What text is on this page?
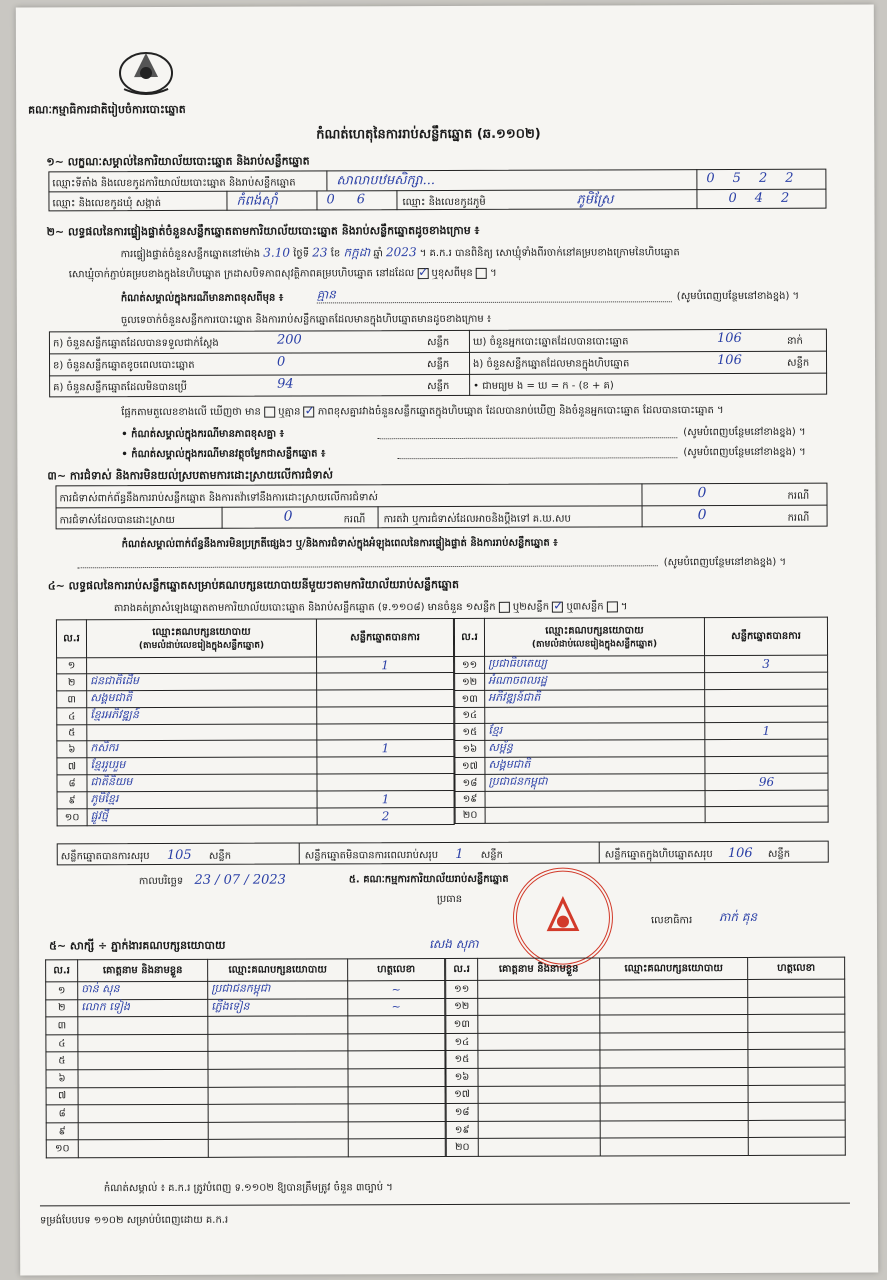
គណៈកម្មាធិការជាតិរៀបចំការបោះឆ្នោត
កំណត់ហេតុនៃការរាប់សន្លឹកឆ្នោត (ឆ.១១០២)
១~ លក្ខណៈសម្គាល់នៃការិយាល័យបោះឆ្នោត និងរាប់សន្លឹកឆ្នោត
ឈ្មោះទីតាំង និងលេខកូដការិយាល័យបោះឆ្នោត និងរាប់សន្លឹកឆ្នោត	សាលាបឋមសិក្សា...	0522
ឈ្មោះ និងលេខកូដឃុំ សង្កាត់	កំពង់ស៊ាំ	06 ឈ្មោះ និងលេខកូដភូមិ	ភូមិស្រែ	042
២~ លទ្ធផលនៃការផ្ទៀងផ្ទាត់ចំនួនសន្លឹកឆ្នោតតាមការិយាល័យបោះឆ្នោត និងរាប់សន្លឹកឆ្នោតដូចខាងក្រោម ៖
ការផ្ទៀងផ្ទាត់ចំនួនសន្លឹកឆ្នោតនៅម៉ោង 3.10 ថ្ងៃទី 23 ខែ កក្កដា ឆ្នាំ 2023 ។ គ.ក.រ បានពិនិត្យ សោឃ្មុំទាំងពីរចាក់នៅគម្របខាងក្រោមនៃហិបឆ្នោត
សោឃ្មុំចាក់ភ្ជាប់គម្របខាងក្នុងនៃហិបឆ្នោត ក្រដាសបិទភាពសុវត្ថិភាពគម្របហិបឆ្នោត នៅដដែល ✓ ឬខុសពីមុន  ។
កំណត់សម្គាល់ក្នុងករណីមានភាពខុសពីមុន ៖	គ្មាន	(សូមបំពេញបន្ថែមនៅខាងខ្នង) ។
ចួលទេចាក់ចំនួនសន្លឹកការបោះឆ្នោត និងការរាប់សន្លឹកឆ្នោតដែលមានក្នុងហិបឆ្នោតមានដូចខាងក្រោម ៖
ក) ចំនួនសន្លឹកឆ្នោតដែលបានទទួលជាក់ស្តែង	200	សន្លឹក ឃ) ចំនួនអ្នកបោះឆ្នោតដែលបានបោះឆ្នោត	106	នាក់
ខ) ចំនួនសន្លឹកឆ្នោតខូចពេលបោះឆ្នោត	0	សន្លឹក ង) ចំនួនសន្លឹកឆ្នោតដែលមានក្នុងហិបឆ្នោត	106	សន្លឹក
គ) ចំនួនសន្លឹកឆ្នោតដែលមិនបានប្រើ	94	សន្លឹក • ជាមធ្យម ង = ឃ = ក - (ខ + គ)
ផ្អែកតាមតួលេខខាងលើ ឃើញថា មាន ឬគ្មាន ✓ ភាពខុសគ្នារវាងចំនួនសន្លឹកឆ្នោតក្នុងហិបឆ្នោត ដែលបានរាប់ឃើញ និងចំនួនអ្នកបោះឆ្នោត ដែលបានបោះឆ្នោត ។
• កំណត់សម្គាល់ក្នុងករណីមានភាពខុសគ្នា ៖	(សូមបំពេញបន្ថែមនៅខាងខ្នង) ។
• កំណត់សម្គាល់ក្នុងករណីមានវត្ថុចម្លែកជាសន្លឹកឆ្នោត ៖	(សូមបំពេញបន្ថែមនៅខាងខ្នង) ។
៣~ ការជំទាស់ និងការមិនយល់ស្របតាមការដោះស្រាយលើការជំទាស់
ការជំទាស់ពាក់ព័ន្ធនឹងការរាប់សន្លឹកឆ្នោត និងការតវ៉ាទៅនឹងការដោះស្រាយលើការជំទាស់	0	ករណី
ការជំទាស់ដែលបានដោះស្រាយ	0	ករណី ការតវ៉ា ឬការជំទាស់ដែលអាចនិងប្តឹងទៅ គ.ឃ.សប	0	ករណី
កំណត់សម្គាល់ពាក់ព័ន្ធនឹងការមិនប្រក្រតីផ្សេងៗ ឬ/និងការជំទាស់ក្នុងអំឡុងពេលនៃការផ្ទៀងផ្ទាត់ និងការរាប់សន្លឹកឆ្នោត ៖
(សូមបំពេញបន្ថែមនៅខាងខ្នង) ។
៤~ លទ្ធផលនៃការរាប់សន្លឹកឆ្នោតសម្រាប់គណបក្សនយោបាយនីមួយៗតាមការិយាល័យរាប់សន្លឹកឆ្នោត
តារាងគត់ត្រាសំឡេងឆ្នោតតាមការិយាល័យបោះឆ្នោត និងរាប់សន្លឹកឆ្នោត (ទ.១១០៨) មានចំនួន ១សន្លឹក ឬ២សន្លឹក ✓ ឬ៣សន្លឹក  ។
ល.រ	ឈ្មោះគណបក្សនយោបាយ
(តាមលំដាប់លេខរៀងក្នុងសន្លឹកឆ្នោត)	សន្លឹកឆ្នោតបានការ
១		1
២	ជនជាតិដើម	
៣	សង្គមជាតិ	
៤	ខ្មែរអភិវឌ្ឍន៍	
៥		
៦	កសិករ	1
៧	ខ្មែររួបរួម	
៨	ជាតិនិយម	
៩	ភូមិខ្មែរ	1
១០	ផ្លូវថ្មី	2
ល.រ	ឈ្មោះគណបក្សនយោបាយ
(តាមលំដាប់លេខរៀងក្នុងសន្លឹកឆ្នោត)	សន្លឹកឆ្នោតបានការ
១១	ប្រជាធិបតេយ្យ	3
១២	អំណាចពលរដ្ឋ	
១៣	អភិវឌ្ឍន៍ជាតិ	
១៤		
១៥	ខ្មែរ	1
១៦	សម្ព័ន្ធ	
១៧	សង្គមជាតិ	
១៨	ប្រជាជនកម្ពុជា	96
១៩		
២០		
សន្លឹកឆ្នោតបានការសរុប 105 សន្លឹក	សន្លឹកឆ្នោតមិនបានការពេលរាប់សរុប 1 សន្លឹក	សន្លឹកឆ្នោតក្នុងហិបឆ្នោតសរុប 106 សន្លឹក
កាលបរិច្ឆេទ 23 / 07 / 2023	៥. គណៈកម្មការការិយាល័យរាប់សន្លឹកឆ្នោត
ប្រធាន
សេង សុភា
លេខាធិការ ភាក់ គុន
៥~ សាក្សី ÷ ភ្នាក់ងារគណបក្សនយោបាយ
ល.រ	គោត្តនាម និងនាមខ្លួន	ឈ្មោះគណបក្សនយោបាយ	ហត្ថលេខា
១	ចាន់ សុន	ប្រជាជនកម្ពុជា	~
២	លោក ទៀង	ភ្លើងទៀន	~
៣			
៤			
៥			
៦			
៧			
៨			
៩			
១០			
ល.រ	គោត្តនាម និងនាមខ្លួន	ឈ្មោះគណបក្សនយោបាយ	ហត្ថលេខា
១១			
១២			
១៣			
១៤			
១៥			
១៦			
១៧			
១៨			
១៩			
២០			
កំណត់សម្គាល់ ៖ គ.ក.រ ត្រូវបំពេញ ទ.១១០២ ឱ្យបានត្រឹមត្រូវ ចំនួន ៣ច្បាប់ ។
ទម្រង់បែបបទ ១១០២ សម្រាប់បំពេញដោយ គ.ក.រ
